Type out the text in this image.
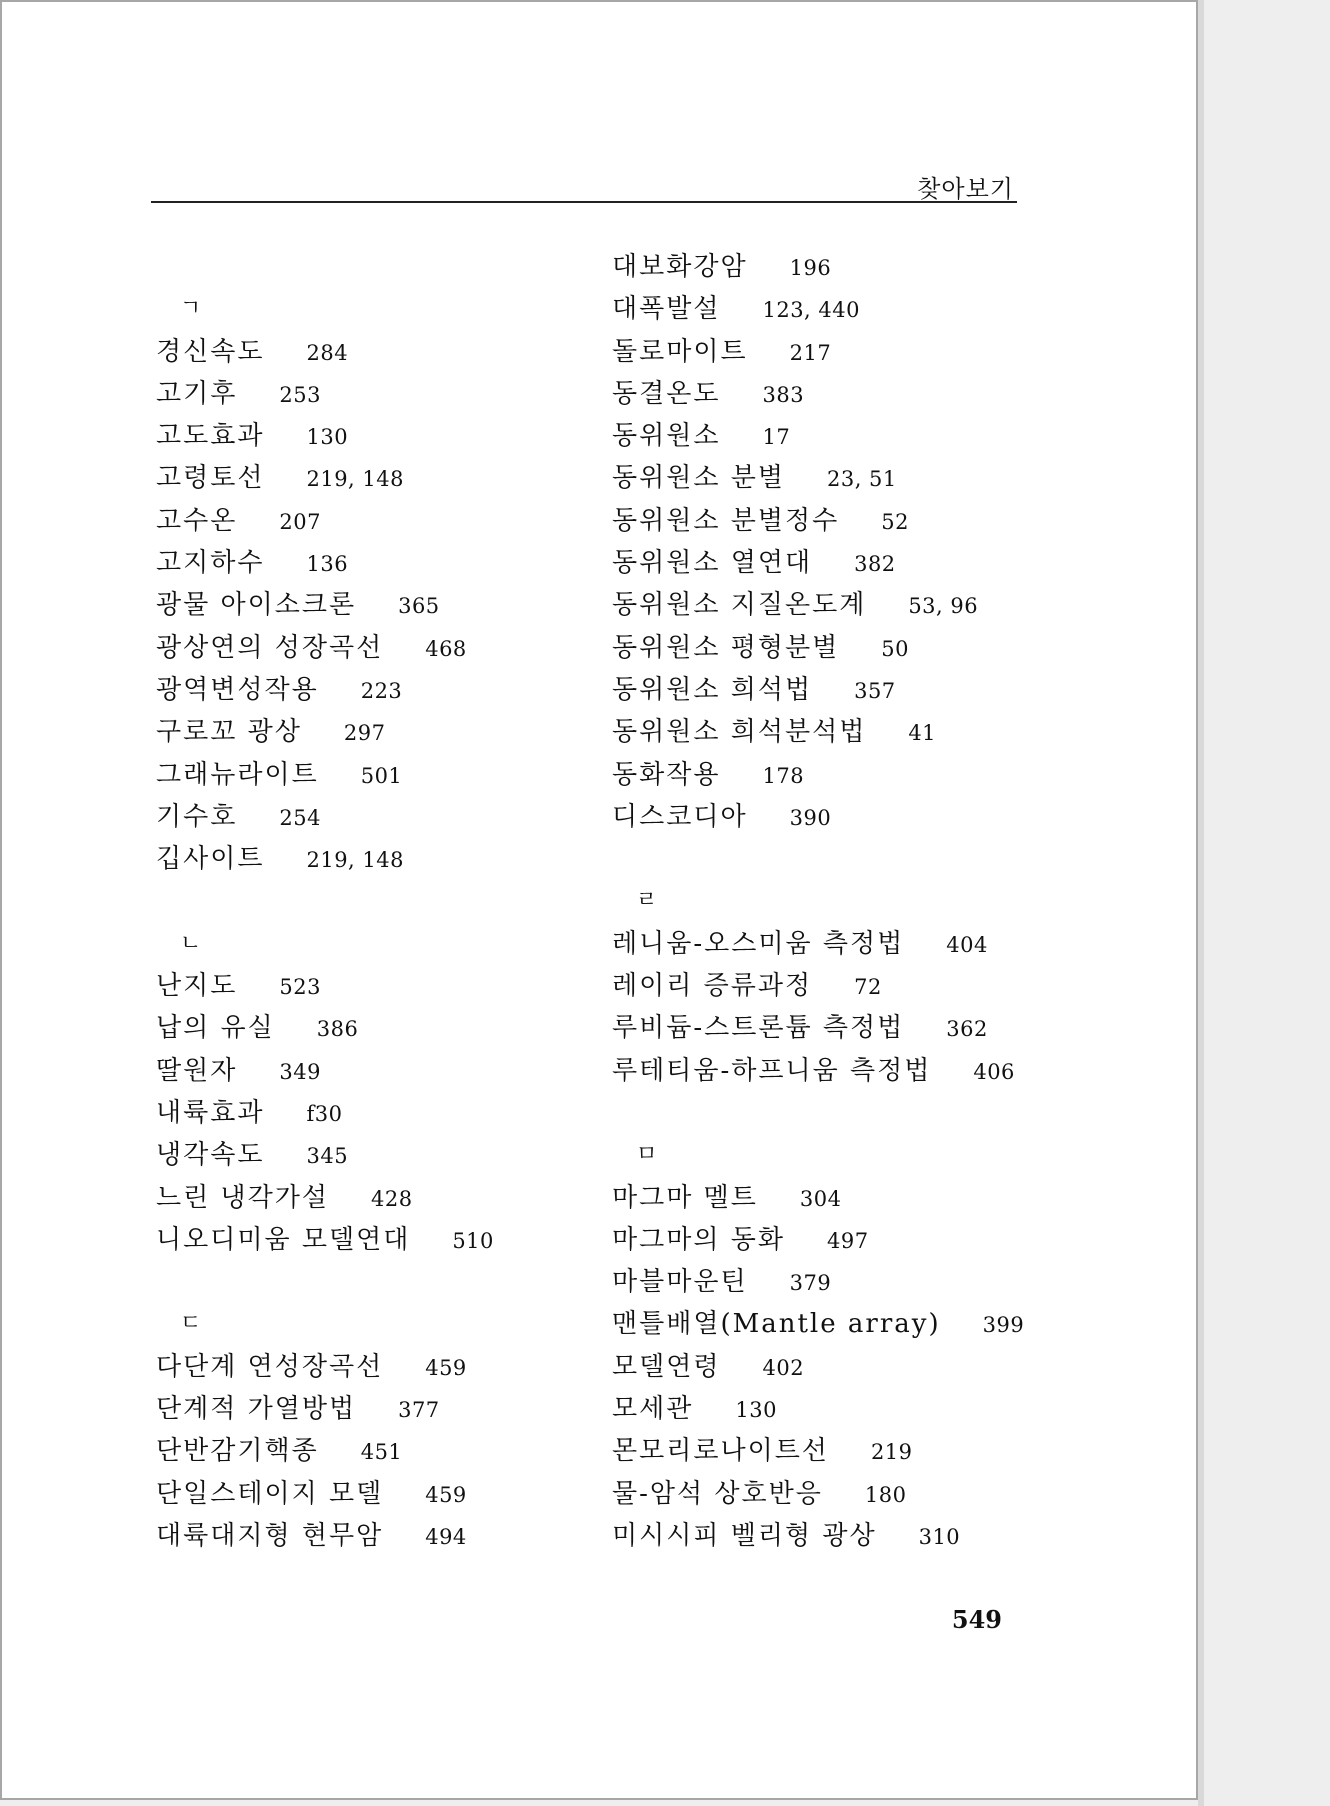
찾아보기
ㄱ
경신속도 284
고기후 253
고도효과 130
고령토선 219, 148
고수온 207
고지하수 136
광물 아이소크론 365
광상연의 성장곡선 468
광역변성작용 223
구로꼬 광상 297
그래뉴라이트 501
기수호 254
깁사이트 219, 148
ㄴ
난지도 523
납의 유실 386
딸원자 349
내륙효과 f30
냉각속도 345
느린 냉각가설 428
니오디미움 모델연대 510
ㄷ
다단계 연성장곡선 459
단계적 가열방법 377
단반감기핵종 451
단일스테이지 모델 459
대륙대지형 현무암 494
대보화강암 196
대폭발설 123, 440
돌로마이트 217
동결온도 383
동위원소 17
동위원소 분별 23, 51
동위원소 분별정수 52
동위원소 열연대 382
동위원소 지질온도계 53, 96
동위원소 평형분별 50
동위원소 희석법 357
동위원소 희석분석법 41
동화작용 178
디스코디아 390
ㄹ
레니움-오스미움 측정법 404
레이리 증류과정 72
루비듐-스트론튬 측정법 362
루테티움-하프니움 측정법 406
ㅁ
마그마 멜트 304
마그마의 동화 497
마블마운틴 379
맨틀배열(Mantle array) 399
모델연령 402
모세관 130
몬모리로나이트선 219
물-암석 상호반응 180
미시시피 벨리형 광상 310
549
